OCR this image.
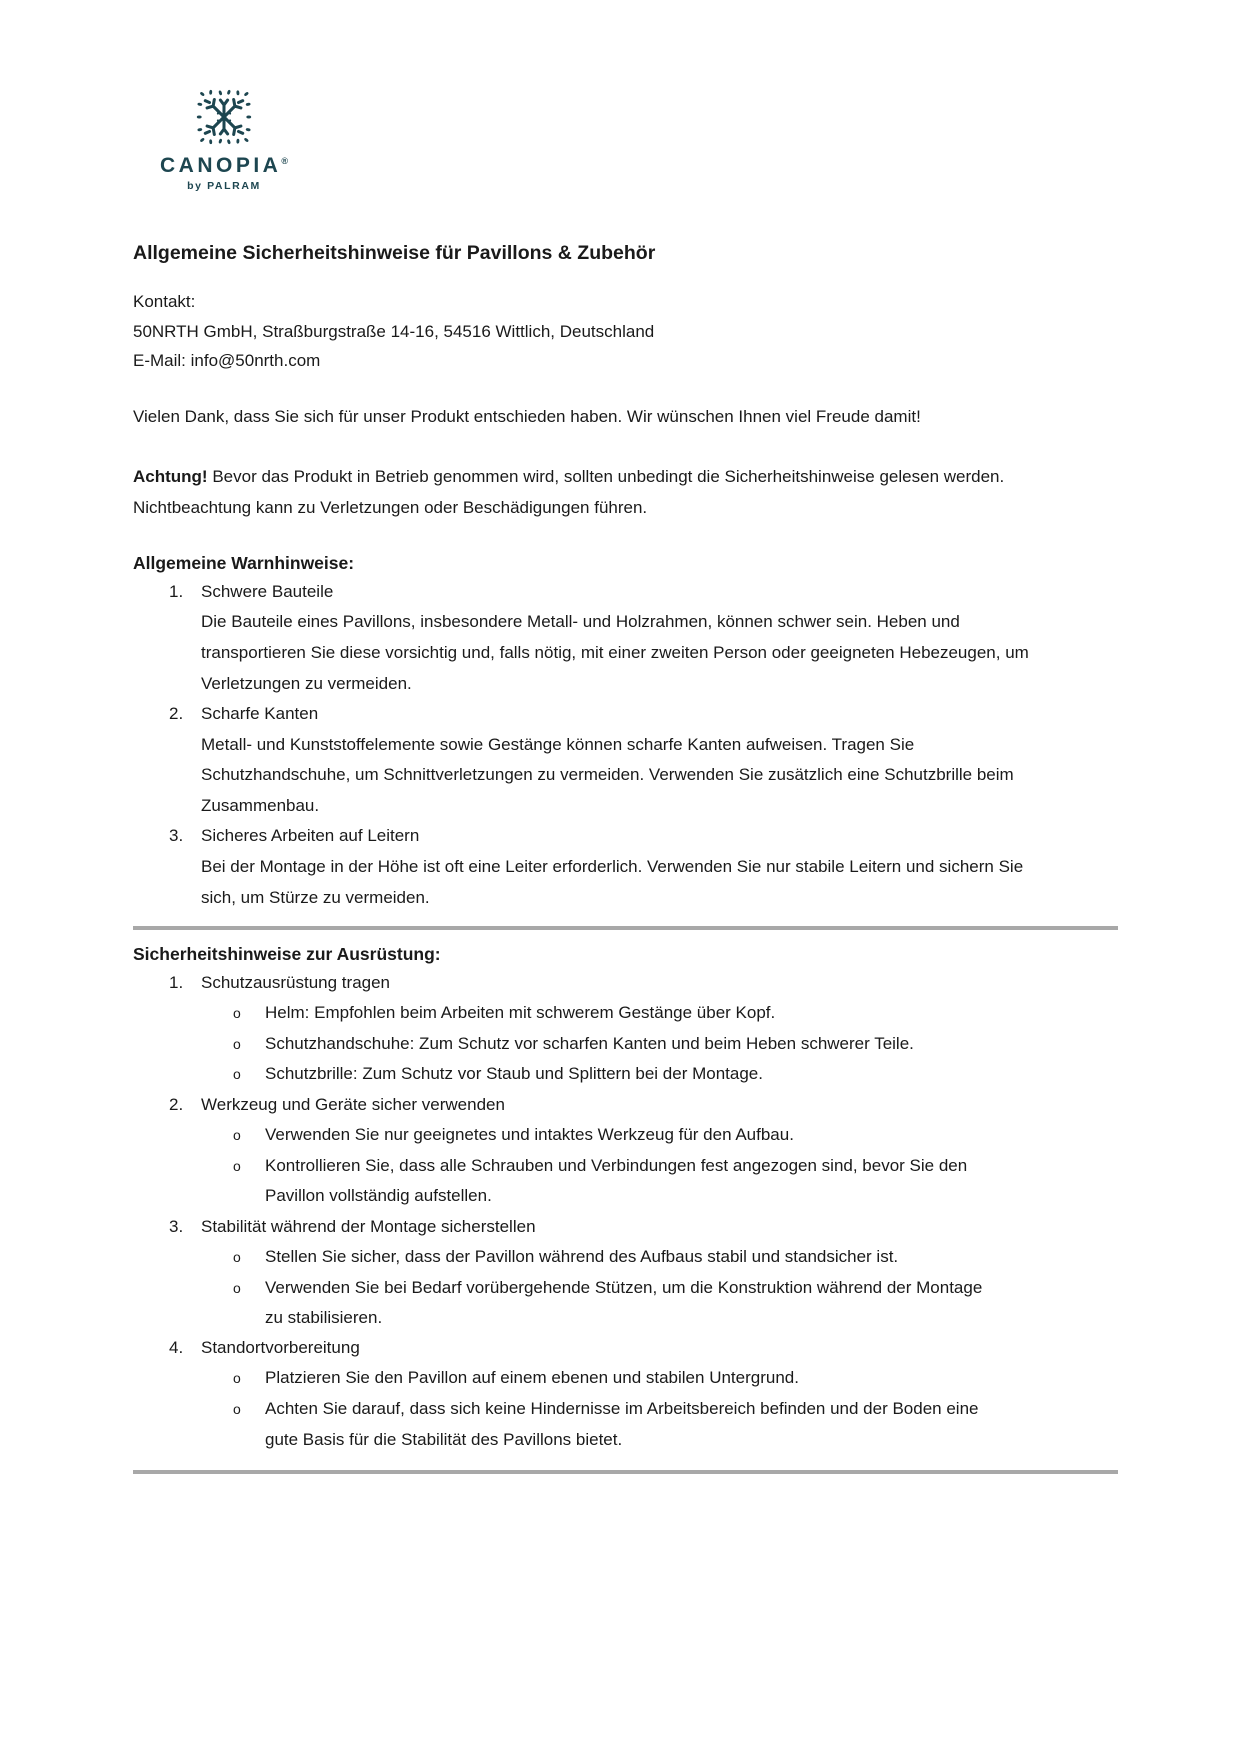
CANOPIA®
by PALRAM
Allgemeine Sicherheitshinweise für Pavillons & Zubehör
Kontakt:
50NRTH GmbH, Straßburgstraße 14-16, 54516 Wittlich, Deutschland
E-Mail: info@50nrth.com

Vielen Dank, dass Sie sich für unser Produkt entschieden haben. Wir wünschen Ihnen viel Freude damit!

Achtung! Bevor das Produkt in Betrieb genommen wird, sollten unbedingt die Sicherheitshinweise gelesen werden. Nichtbeachtung kann zu Verletzungen oder Beschädigungen führen.

Allgemeine Warnhinweise:
1.	Schwere Bauteile
Die Bauteile eines Pavillons, insbesondere Metall- und Holzrahmen, können schwer sein. Heben und transportieren Sie diese vorsichtig und, falls nötig, mit einer zweiten Person oder geeigneten Hebezeugen, um Verletzungen zu vermeiden.
2.	Scharfe Kanten
Metall- und Kunststoffelemente sowie Gestänge können scharfe Kanten aufweisen. Tragen Sie Schutzhandschuhe, um Schnittverletzungen zu vermeiden. Verwenden Sie zusätzlich eine Schutzbrille beim Zusammenbau.
3.	Sicheres Arbeiten auf Leitern
Bei der Montage in der Höhe ist oft eine Leiter erforderlich. Verwenden Sie nur stabile Leitern und sichern Sie sich, um Stürze zu vermeiden.
Sicherheitshinweise zur Ausrüstung:
1.	Schutzausrüstung tragen
o	Helm: Empfohlen beim Arbeiten mit schwerem Gestänge über Kopf.
o	Schutzhandschuhe: Zum Schutz vor scharfen Kanten und beim Heben schwerer Teile.
o	Schutzbrille: Zum Schutz vor Staub und Splittern bei der Montage.
2.	Werkzeug und Geräte sicher verwenden
o	Verwenden Sie nur geeignetes und intaktes Werkzeug für den Aufbau.
o	Kontrollieren Sie, dass alle Schrauben und Verbindungen fest angezogen sind, bevor Sie den Pavillon vollständig aufstellen.
3.	Stabilität während der Montage sicherstellen
o	Stellen Sie sicher, dass der Pavillon während des Aufbaus stabil und standsicher ist.
o	Verwenden Sie bei Bedarf vorübergehende Stützen, um die Konstruktion während der Montage zu stabilisieren.
4.	Standortvorbereitung
o	Platzieren Sie den Pavillon auf einem ebenen und stabilen Untergrund.
o	Achten Sie darauf, dass sich keine Hindernisse im Arbeitsbereich befinden und der Boden eine gute Basis für die Stabilität des Pavillons bietet.
